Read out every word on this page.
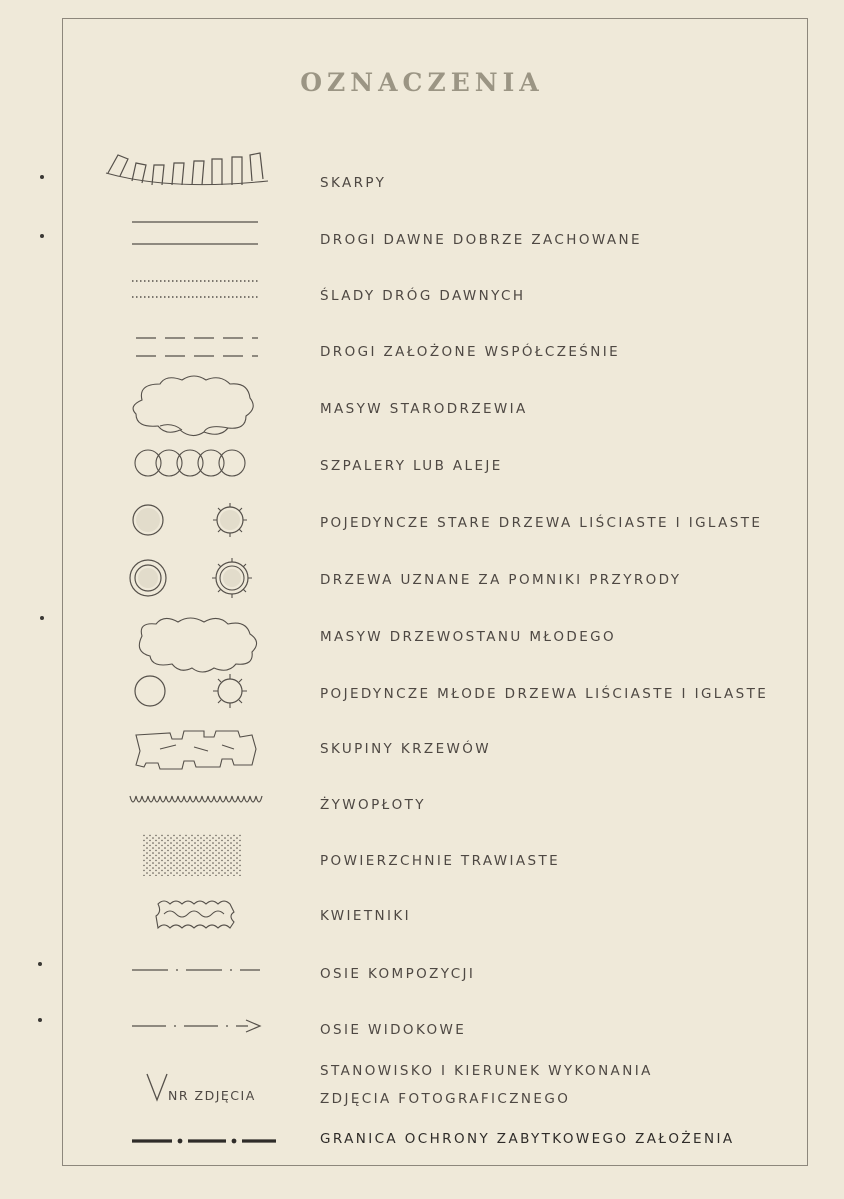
OZNACZENIA
SKARPY
DROGI DAWNE DOBRZE ZACHOWANE
ŚLADY DRÓG DAWNYCH
DROGI ZAŁOŻONE WSPÓŁCZEŚNIE
MASYW STARODRZEWIA
SZPALERY LUB ALEJE
POJEDYNCZE STARE DRZEWA LIŚCIASTE I IGLASTE
DRZEWA UZNANE ZA POMNIKI PRZYRODY
MASYW DRZEWOSTANU MŁODEGO
POJEDYNCZE MŁODE DRZEWA LIŚCIASTE I IGLASTE
SKUPINY KRZEWÓW
ŻYWOPŁOTY
POWIERZCHNIE TRAWIASTE
KWIETNIKI
OSIE KOMPOZYCJI
OSIE WIDOKOWE
NR ZDJĘCIA
STANOWISKO I KIERUNEK WYKONANIA
ZDJĘCIA FOTOGRAFICZNEGO
GRANICA OCHRONY ZABYTKOWEGO ZAŁOŻENIA
